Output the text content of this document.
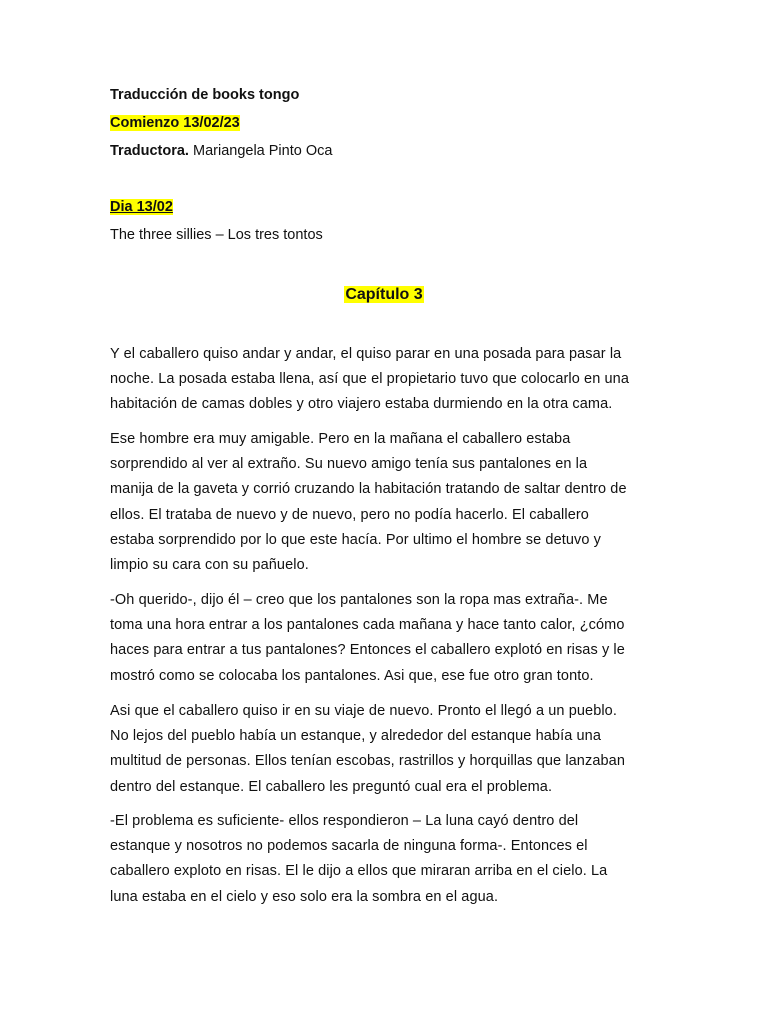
Traducción de books tongo
Comienzo 13/02/23
Traductora. Mariangela Pinto Oca
Dia 13/02
The three sillies – Los tres tontos
Capítulo 3
Y el caballero quiso andar y andar, el quiso parar en una posada para pasar la
noche. La posada estaba llena, así que el propietario tuvo que colocarlo en una
habitación de camas dobles y otro viajero estaba durmiendo en la otra cama.
Ese hombre era muy amigable. Pero en la mañana el caballero estaba
sorprendido al ver al extraño. Su nuevo amigo tenía sus pantalones en la
manija de la gaveta y corrió cruzando la habitación tratando de saltar dentro de
ellos. El trataba de nuevo y de nuevo, pero no podía hacerlo. El caballero
estaba sorprendido por lo que este hacía. Por ultimo el hombre se detuvo y
limpio su cara con su pañuelo.
-Oh querido-, dijo él – creo que los pantalones son la ropa mas extraña-. Me
toma una hora entrar a los pantalones cada mañana y hace tanto calor, ¿cómo
haces para entrar a tus pantalones? Entonces el caballero explotó en risas y le
mostró como se colocaba los pantalones. Asi que, ese fue otro gran tonto.
Asi que el caballero quiso ir en su viaje de nuevo. Pronto el llegó a un pueblo.
No lejos del pueblo había un estanque, y alrededor del estanque había una
multitud de personas. Ellos tenían escobas, rastrillos y horquillas que lanzaban
dentro del estanque. El caballero les preguntó cual era el problema.
-El problema es suficiente- ellos respondieron – La luna cayó dentro del
estanque y nosotros no podemos sacarla de ninguna forma-. Entonces el
caballero exploto en risas. El le dijo a ellos que miraran arriba en el cielo. La
luna estaba en el cielo y eso solo era la sombra en el agua.
